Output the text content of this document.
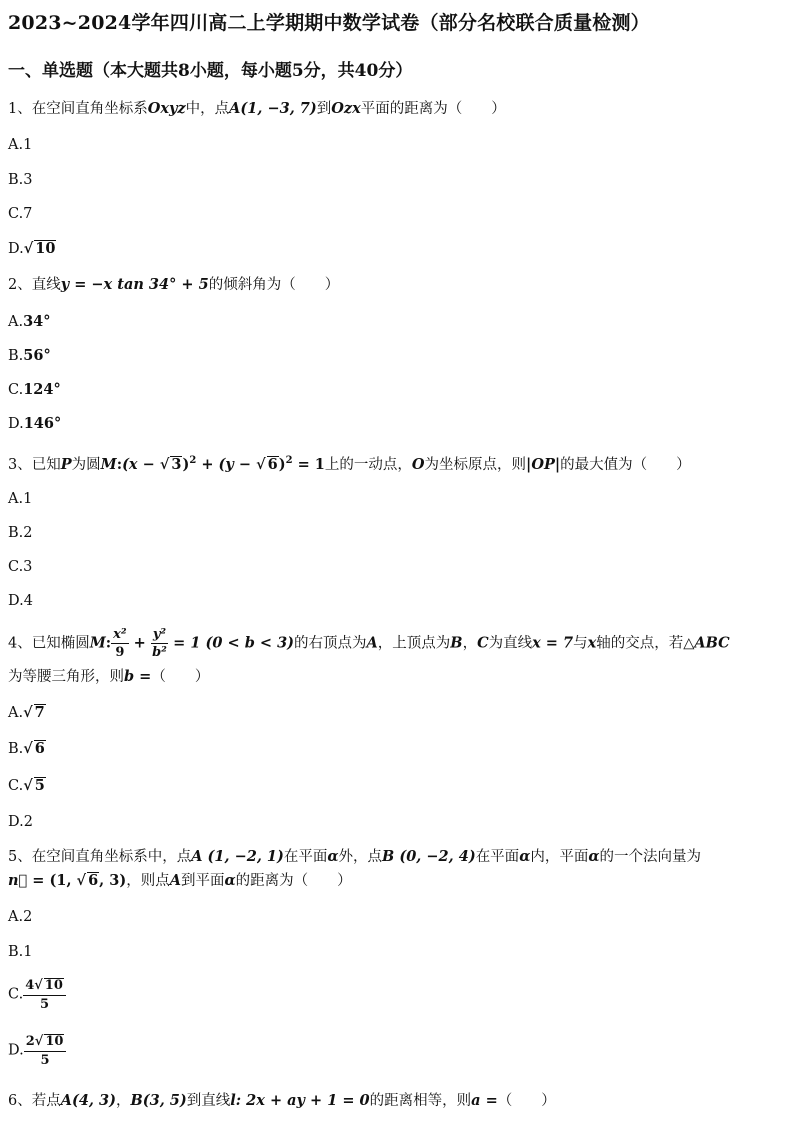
2023~2024学年四川高二上学期期中数学试卷（部分名校联合质量检测）
一、单选题（本大题共8小题，每小题5分，共40分）
1、在空间直角坐标系Oxyz中，点A(1, −3, 7)到Ozx平面的距离为（　　）
A.1
B.3
C.7
D.√ 10
2、直线y = −x tan 34° + 5的倾斜角为（　　）
A.34°
B.56°
C.124°
D.146°
3、已知P为圆M:(x − √ 3)$^2$ + (y − √ 6)$^2$ = 1上的一动点，O为坐标原点，则|OP|的最大值为（　　）
A.1
B.2
C.3
D.4
4、已知椭圆M: $\frac{\text{x²}}{9} + \frac{\text{y²}}{\text{b²}} = 1$ (0 < b < 3)的右顶点为A，上顶点为B，C为直线x = 7与x轴的交点，若△ABC
为等腰三角形，则b =（　　）
A.√ 7
B.√ 6
C.√ 5
D.2
5、在空间直角坐标系中，点A (1, −2, 1)在平面α外，点B (0, −2, 4)在平面α内，平面α的一个法向量为
n⃗ = (1, √ 6, 3)，则点A到平面α的距离为（　　）
A.2
B.1
C. $\frac{4√ 10}{5}$
D. $\frac{2√ 10}{5}$
6、若点A(4, 3)，B(3, 5)到直线l: 2x + ay + 1 = 0的距离相等，则a =（　　）
